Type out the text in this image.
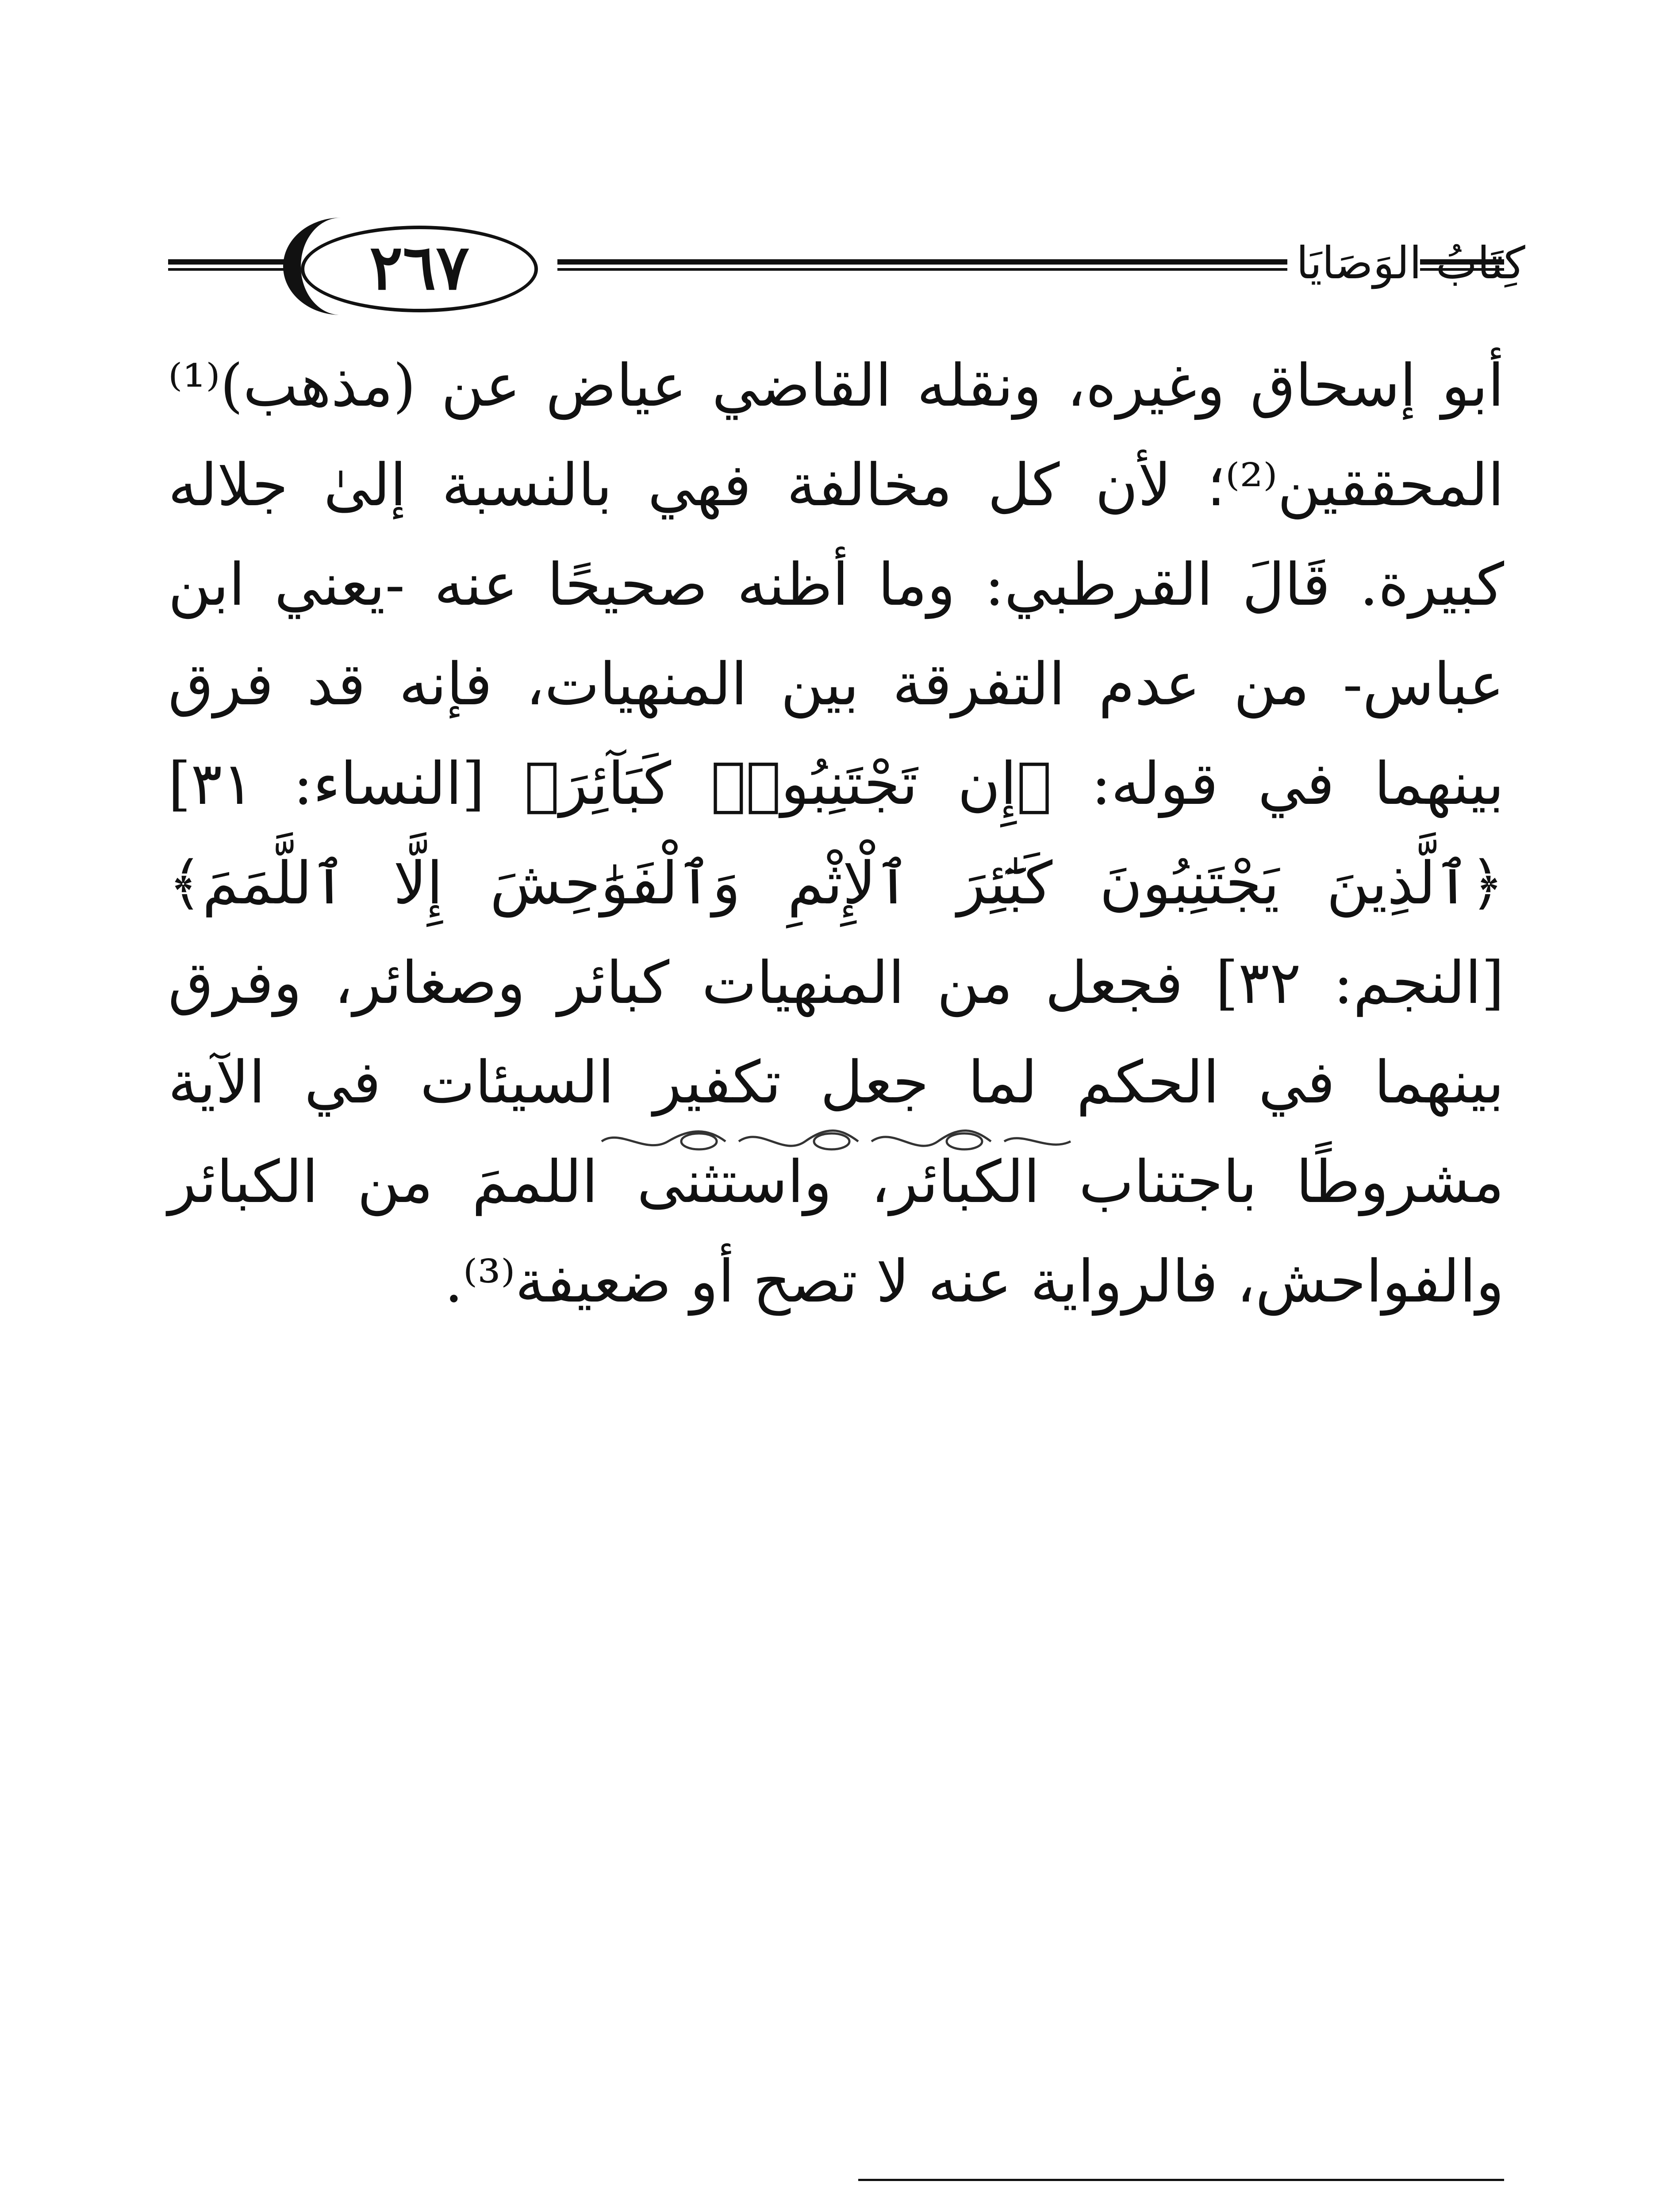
٢٦٧	كِتَابُ الوَصَايَا

أبو إسحاق وغيره، ونقله القاضي عياض عن (مذهب)⁽¹⁾ المحققين⁽²⁾؛ لأن كل مخالفة فهي بالنسبة إلىٰ جلاله كبيرة. قَالَ القرطبي: وما أظنه صحيحًا عنه -يعني ابن عباس- من عدم التفرقة بين المنهيات، فإنه قد فرق بينهما في قوله: ﴿إِن تَجْتَنِبُوا۟ كَبَآئِرَ﴾ [النساء: ٣١] ﴿ٱلَّذِينَ يَجْتَنِبُونَ كَبَٰٓئِرَ ٱلْإِثْمِ وَٱلْفَوَٰحِشَ إِلَّا ٱللَّمَمَ﴾ [النجم: ٣٢] فجعل من المنهيات كبائر وصغائر، وفرق بينهما في الحكم لما جعل تكفير السيئات في الآية مشروطًا باجتناب الكبائر، واستثنى اللممَ من الكبائر والفواحش، فالرواية عنه لا تصح أو ضعيفة⁽³⁾.
